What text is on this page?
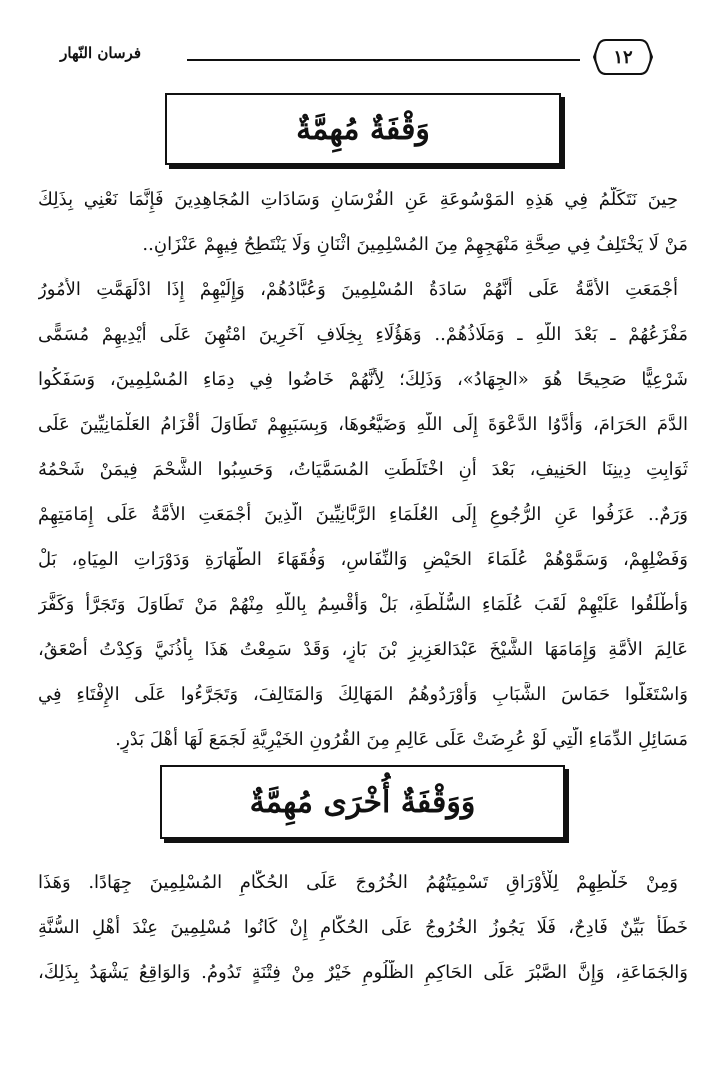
١٢
فرسان النّهار
وَقْفَةٌ مُهِمَّةٌ
حِينَ نَتَكَلَّمُ فِي هَذِهِ المَوْسُوعَةِ عَنِ الفُرْسَانِ وَسَادَاتِ المُجَاهِدِينَ فَإِنَّمَا نَعْنِي بِذَلِكَ
مَنْ لَا يَخْتَلِفُ فِي صِحَّةِ مَنْهَجِهِمْ مِنَ المُسْلِمِينَ اثْنَانِ وَلَا يَنْتَطِحُ فِيهِمْ عَنْزَانِ..
أَجْمَعَتِ الأُمَّةُ عَلَى أَنَّهُمْ سَادَةُ المُسْلِمِينَ وَعُبَّادُهُمْ، وَإِلَيْهِمْ إِذَا ادْلَهَمَّتِ الأُمُورُ
مَفْزَعُهُمْ ـ بَعْدَ اللَّهِ ـ وَمَلَاذُهُمْ.. وَهَؤُلَاءِ بِخِلَافِ آخَرِينَ امْتُهِنَ عَلَى أَيْدِيهِمْ مُسَمًّى
شَرْعِيًّا صَحِيحًا هُوَ «الجِهَادُ»، وَذَلِكَ؛ لِأَنَّهُمْ خَاضُوا فِي دِمَاءِ المُسْلِمِينَ، وَسَفَكُوا
الدَّمَ الحَرَامَ، وَأَدَّوُا الدَّعْوَةَ إِلَى اللَّهِ وَضَيَّعُوهَا، وَبِسَبَبِهِمْ تَطَاوَلَ أَقْزَامُ العَلْمَانِيِّينَ عَلَى
ثَوَابِتِ دِينِنَا الحَنِيفِ، بَعْدَ أَنِ اخْتَلَطَتِ المُسَمَّيَاتُ، وَحَسِبُوا الشَّحْمَ فِيمَنْ شَحْمُهُ
وَرَمٌ.. عَزَفُوا عَنِ الرُّجُوعِ إِلَى العُلَمَاءِ الرَّبَّانِيِّينَ الَّذِينَ أَجْمَعَتِ الأُمَّةُ عَلَى إِمَامَتِهِمْ
وَفَضْلِهِمْ، وَسَمَّوْهُمْ عُلَمَاءَ الحَيْضِ وَالنِّفَاسِ، وَفُقَهَاءَ الطَّهَارَةِ وَدَوْرَاتِ المِيَاهِ، بَلْ
وَأَطْلَقُوا عَلَيْهِمْ لَقَبَ عُلَمَاءِ السُّلْطَةِ، بَلْ وَأُقْسِمُ بِاللَّهِ مِنْهُمْ مَنْ تَطَاوَلَ وَتَجَرَّأَ وَكَفَّرَ
عَالِمَ الأُمَّةِ وَإِمَامَهَا الشَّيْخَ عَبْدَالعَزِيزِ بْنَ بَازٍ، وَقَدْ سَمِعْتُ هَذَا بِأُذُنَيَّ وَكِدْتُ أُصْعَقُ،
وَاسْتَغَلُّوا حَمَاسَ الشَّبَابِ وَأَوْرَدُوهُمُ المَهَالِكَ وَالمَتَالِفَ، وَتَجَرَّءُوا عَلَى الإِفْتَاءِ فِي
مَسَائِلِ الدِّمَاءِ الَّتِي لَوْ عُرِضَتْ عَلَى عَالِمٍ مِنَ القُرُونِ الخَيْرِيَّةِ لَجَمَعَ لَهَا أَهْلَ بَدْرٍ.
وَوَقْفَةٌ أُخْرَى مُهِمَّةٌ
وَمِنْ خَلْطِهِمْ لِلْأَوْرَاقِ تَسْمِيَتُهُمُ الخُرُوجَ عَلَى الحُكَّامِ المُسْلِمِينَ جِهَادًا. وَهَذَا
خَطَأٌ بَيِّنٌ فَادِحٌ، فَلَا يَجُوزُ الخُرُوجُ عَلَى الحُكَّامِ إِنْ كَانُوا مُسْلِمِينَ عِنْدَ أَهْلِ السُّنَّةِ
وَالجَمَاعَةِ، وَإِنَّ الصَّبْرَ عَلَى الحَاكِمِ الظَّلُومِ خَيْرٌ مِنْ فِتْنَةٍ تَدُومُ. وَالوَاقِعُ يَشْهَدُ بِذَلِكَ،
